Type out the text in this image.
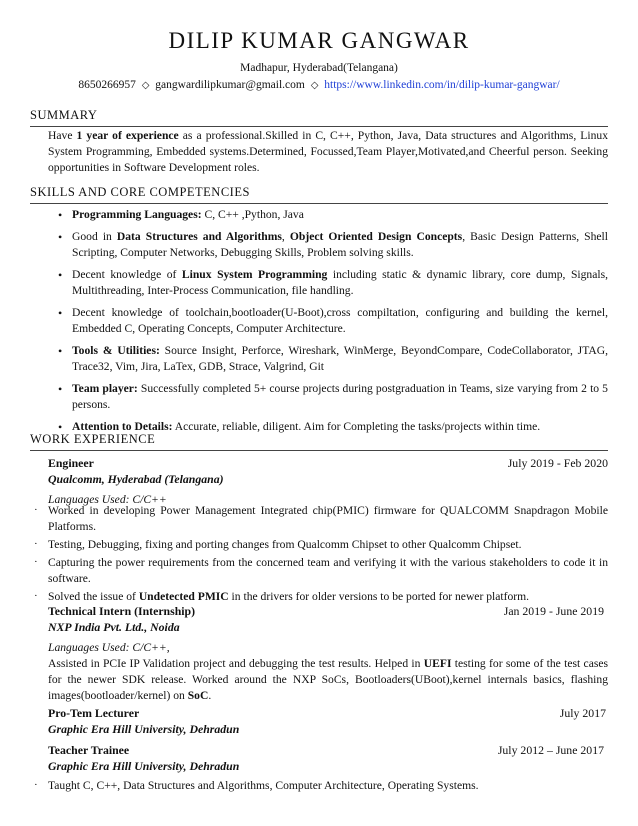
DILIP KUMAR GANGWAR
Madhapur, Hyderabad(Telangana)
8650266957 ◇ gangwardilipkumar@gmail.com ◇ https://www.linkedin.com/in/dilip-kumar-gangwar/
SUMMARY
Have 1 year of experience as a professional.Skilled in C, C++, Python, Java, Data structures and Algorithms, Linux System Programming, Embedded systems.Determined, Focussed,Team Player,Motivated,and Cheerful person. Seeking opportunities in Software Development roles.
SKILLS AND CORE COMPETENCIES
• Programming Languages: C, C++ ,Python, Java
• Good in Data Structures and Algorithms, Object Oriented Design Concepts, Basic Design Patterns, Shell Scripting, Computer Networks, Debugging Skills, Problem solving skills.
• Decent knowledge of Linux System Programming including static & dynamic library, core dump, Signals, Multithreading, Inter-Process Communication, file handling.
• Decent knowledge of toolchain,bootloader(U-Boot),cross compiltation, configuring and building the kernel, Embedded C, Operating Concepts, Computer Architecture.
• Tools & Utilities: Source Insight, Perforce, Wireshark, WinMerge, BeyondCompare, CodeCollaborator, JTAG, Trace32, Vim, Jira, LaTex, GDB, Strace, Valgrind, Git
• Team player: Successfully completed 5+ course projects during postgraduation in Teams, size varying from 2 to 5 persons.
• Attention to Details: Accurate, reliable, diligent. Aim for Completing the tasks/projects within time.
WORK EXPERIENCE
Engineer	July 2019 - Feb 2020
Qualcomm, Hyderabad (Telangana)
Languages Used: C/C++
· Worked in developing Power Management Integrated chip(PMIC) firmware for QUALCOMM Snapdragon Mobile Platforms.
· Testing, Debugging, fixing and porting changes from Qualcomm Chipset to other Qualcomm Chipset.
· Capturing the power requirements from the concerned team and verifying it with the various stakeholders to code it in software.
· Solved the issue of Undetected PMIC in the drivers for older versions to be ported for newer platform.
Technical Intern (Internship)	Jan 2019 - June 2019
NXP India Pvt. Ltd., Noida
Languages Used: C/C++,
Assisted in PCIe IP Validation project and debugging the test results. Helped in UEFI testing for some of the test cases for the newer SDK release. Worked around the NXP SoCs, Bootloaders(UBoot),kernel internals basics, flashing images(bootloader/kernel) on SoC.
Pro-Tem Lecturer	July 2017
Graphic Era Hill University, Dehradun
Teacher Trainee	July 2012 – June 2017
Graphic Era Hill University, Dehradun
· Taught C, C++, Data Structures and Algorithms, Computer Architecture, Operating Systems.
